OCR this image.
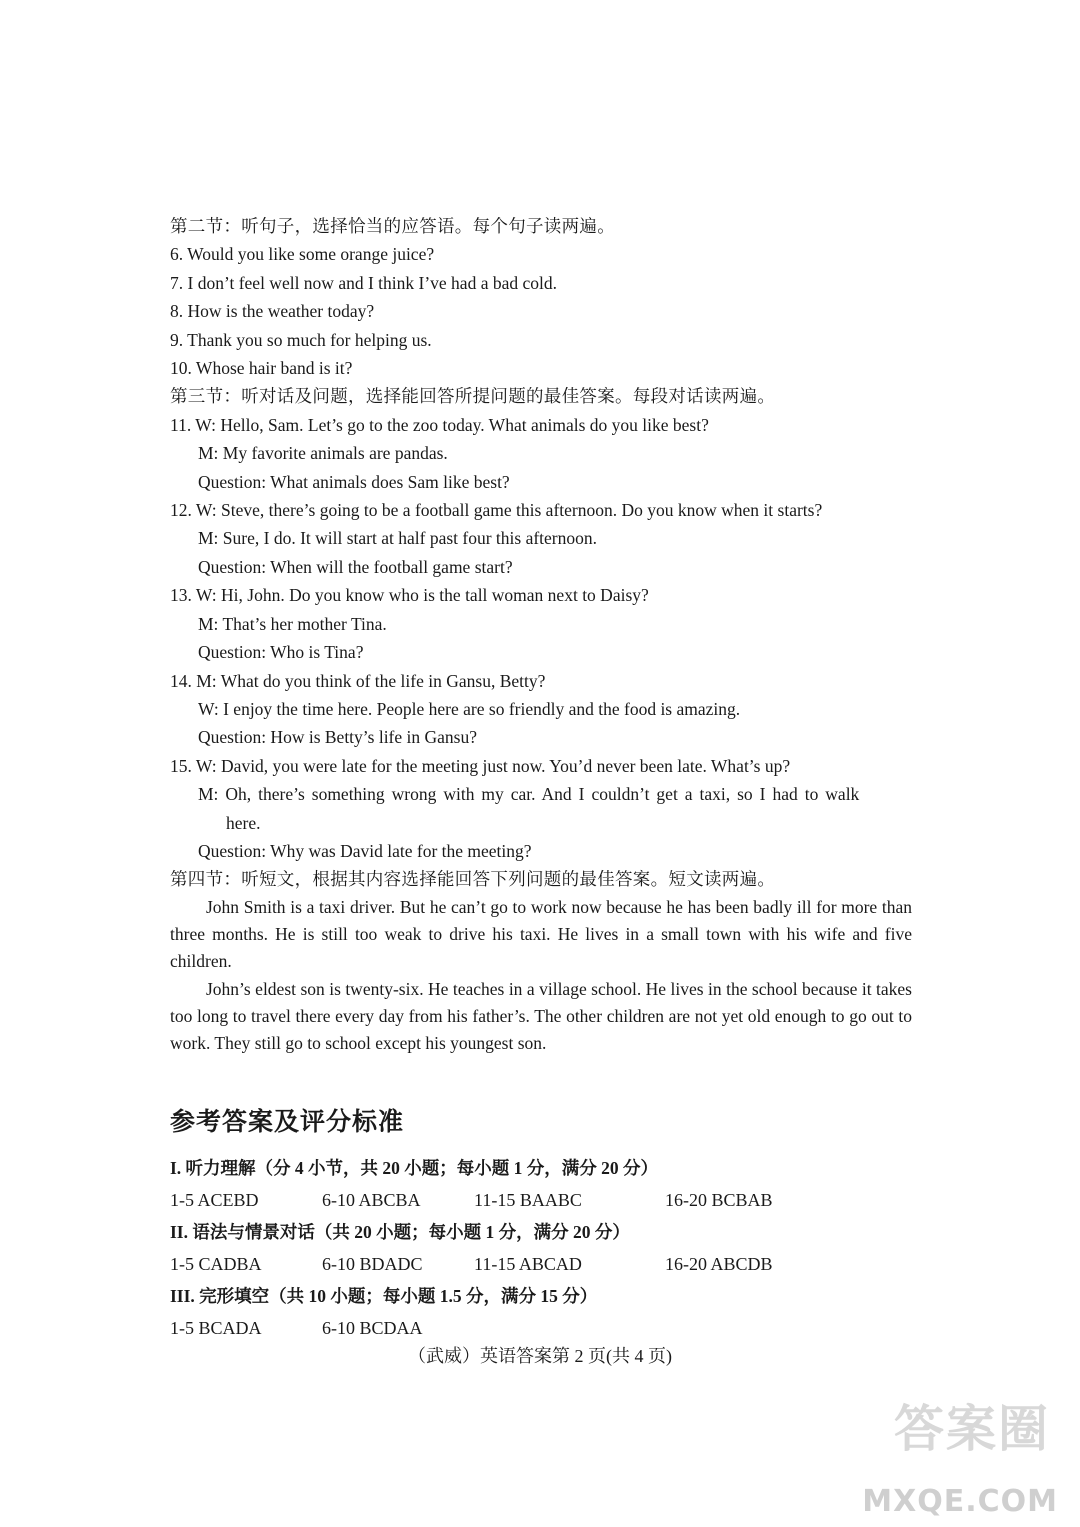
第二节：听句子，选择恰当的应答语。每个句子读两遍。
6. Would you like some orange juice?
7. I don’t feel well now and I think I’ve had a bad cold.
8. How is the weather today?
9. Thank you so much for helping us.
10. Whose hair band is it?
第三节：听对话及问题，选择能回答所提问题的最佳答案。每段对话读两遍。
11. W: Hello, Sam. Let’s go to the zoo today. What animals do you like best?
M: My favorite animals are pandas.
Question: What animals does Sam like best?
12. W: Steve, there’s going to be a football game this afternoon. Do you know when it starts?
M: Sure, I do. It will start at half past four this afternoon.
Question: When will the football game start?
13. W: Hi, John. Do you know who is the tall woman next to Daisy?
M: That’s her mother Tina.
Question: Who is Tina?
14. M: What do you think of the life in Gansu, Betty?
W: I enjoy the time here. People here are so friendly and the food is amazing.
Question: How is Betty’s life in Gansu?
15. W: David, you were late for the meeting just now. You’d never been late. What’s up?
M: Oh, there’s something wrong with my car. And I couldn’t get a taxi, so I had to walk
here.
Question: Why was David late for the meeting?
第四节：听短文，根据其内容选择能回答下列问题的最佳答案。短文读两遍。

John Smith is a taxi driver. But he can’t go to work now because he has been badly ill for more than three months. He is still too weak to drive his taxi. He lives in a small town with his wife and five children.

John’s eldest son is twenty-six. He teaches in a village school. He lives in the school because it takes too long to travel there every day from his father’s. The other children are not yet old enough to go out to work. They still go to school except his youngest son.

参考答案及评分标准
I. 听力理解（分 4 小节，共 20 小题；每小题 1 分，满分 20 分）
1-5 ACEBD	6-10 ABCBA	11-15 BAABC	16-20 BCBAB
II. 语法与情景对话（共 20 小题；每小题 1 分，满分 20 分）
1-5 CADBA	6-10 BDADC	11-15 ABCAD	16-20 ABCDB
III. 完形填空（共 10 小题；每小题 1.5 分，满分 15 分）
1-5 BCADA	6-10 BCDAA
（武威）英语答案第 2 页(共 4 页)
答案圈
MXQE.COM
